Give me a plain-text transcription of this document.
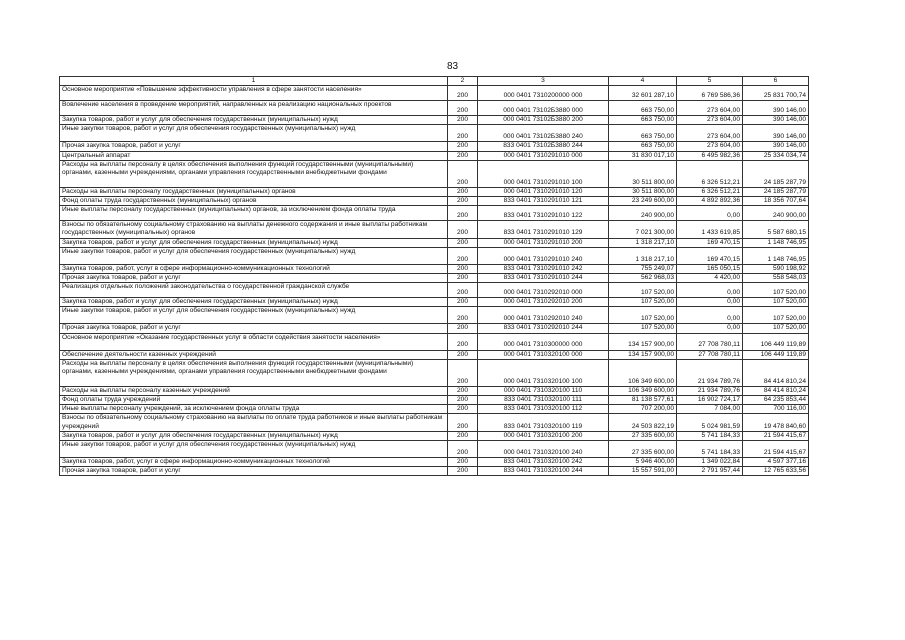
83
1	2	3	4	5	6
Основное мероприятие «Повышение эффективности управления в сфере занятости населения»	200	000 0401 7310200000 000	32 601 287,10	6 769 586,36	25 831 700,74
Вовлечение населения в проведение мероприятий, направленных на реализацию национальных проектов	200	000 0401 73102Б3880 000	663 750,00	273 604,00	390 146,00
Закупка товаров, работ и услуг для обеспечения государственных (муниципальных) нужд	200	000 0401 73102Б3880 200	663 750,00	273 604,00	390 146,00
Иные закупки товаров, работ и услуг для обеспечения государственных (муниципальных) нужд	200	000 0401 73102Б3880 240	663 750,00	273 604,00	390 146,00
Прочая закупка товаров, работ и услуг	200	833 0401 73102Б3880 244	663 750,00	273 604,00	390 146,00
Центральный аппарат	200	000 0401 7310291010 000	31 830 017,10	6 495 982,36	25 334 034,74
Расходы на выплаты персоналу в целях обеспечения выполнения функций государственными (муниципальными) органами, казенными учреждениями, органами управления государственными внебюджетными фондами	200	000 0401 7310291010 100	30 511 800,00	6 326 512,21	24 185 287,79
Расходы на выплаты персоналу государственных (муниципальных) органов	200	000 0401 7310291010 120	30 511 800,00	6 326 512,21	24 185 287,79
Фонд оплаты труда государственных (муниципальных) органов	200	833 0401 7310291010 121	23 249 600,00	4 892 892,36	18 356 707,64
Иные выплаты персоналу государственных (муниципальных) органов, за исключением фонда оплаты труда	200	833 0401 7310291010 122	240 900,00	0,00	240 900,00
Взносы по обязательному социальному страхованию на выплаты денежного содержания и иные выплаты работникам государственных (муниципальных) органов	200	833 0401 7310291010 129	7 021 300,00	1 433 619,85	5 587 680,15
Закупка товаров, работ и услуг для обеспечения государственных (муниципальных) нужд	200	000 0401 7310291010 200	1 318 217,10	169 470,15	1 148 746,95
Иные закупки товаров, работ и услуг для обеспечения государственных (муниципальных) нужд	200	000 0401 7310291010 240	1 318 217,10	169 470,15	1 148 746,95
Закупка товаров, работ, услуг в сфере информационно-коммуникационных технологий	200	833 0401 7310291010 242	755 249,07	165 050,15	590 198,92
Прочая закупка товаров, работ и услуг	200	833 0401 7310291010 244	562 968,03	4 420,00	558 548,03
Реализация отдельных положений законодательства о государственной гражданской службе	200	000 0401 7310292010 000	107 520,00	0,00	107 520,00
Закупка товаров, работ и услуг для обеспечения государственных (муниципальных) нужд	200	000 0401 7310292010 200	107 520,00	0,00	107 520,00
Иные закупки товаров, работ и услуг для обеспечения государственных (муниципальных) нужд	200	000 0401 7310292010 240	107 520,00	0,00	107 520,00
Прочая закупка товаров, работ и услуг	200	833 0401 7310292010 244	107 520,00	0,00	107 520,00
Основное мероприятие «Оказание государственных услуг в области содействия занятости населения»	200	000 0401 7310300000 000	134 157 900,00	27 708 780,11	106 449 119,89
Обеспечение деятельности казенных учреждений	200	000 0401 7310320100 000	134 157 900,00	27 708 780,11	106 449 119,89
Расходы на выплаты персоналу в целях обеспечения выполнения функций государственными (муниципальными) органами, казенными учреждениями, органами управления государственными внебюджетными фондами	200	000 0401 7310320100 100	106 349 600,00	21 934 789,76	84 414 810,24
Расходы на выплаты персоналу казенных учреждений	200	000 0401 7310320100 110	106 349 600,00	21 934 789,76	84 414 810,24
Фонд оплаты труда учреждений	200	833 0401 7310320100 111	81 138 577,61	16 902 724,17	64 235 853,44
Иные выплаты персоналу учреждений, за исключением фонда оплаты труда	200	833 0401 7310320100 112	707 200,00	7 084,00	700 116,00
Взносы по обязательному социальному страхованию на выплаты по оплате труда работников и иные выплаты работникам учреждений	200	833 0401 7310320100 119	24 503 822,19	5 024 981,59	19 478 840,60
Закупка товаров, работ и услуг для обеспечения государственных (муниципальных) нужд	200	000 0401 7310320100 200	27 335 600,00	5 741 184,33	21 594 415,67
Иные закупки товаров, работ и услуг для обеспечения государственных (муниципальных) нужд	200	000 0401 7310320100 240	27 335 600,00	5 741 184,33	21 594 415,67
Закупка товаров, работ, услуг в сфере информационно-коммуникационных технологий	200	833 0401 7310320100 242	5 946 400,00	1 349 022,84	4 597 377,16
Прочая закупка товаров, работ и услуг	200	833 0401 7310320100 244	15 557 591,00	2 791 957,44	12 765 633,56
